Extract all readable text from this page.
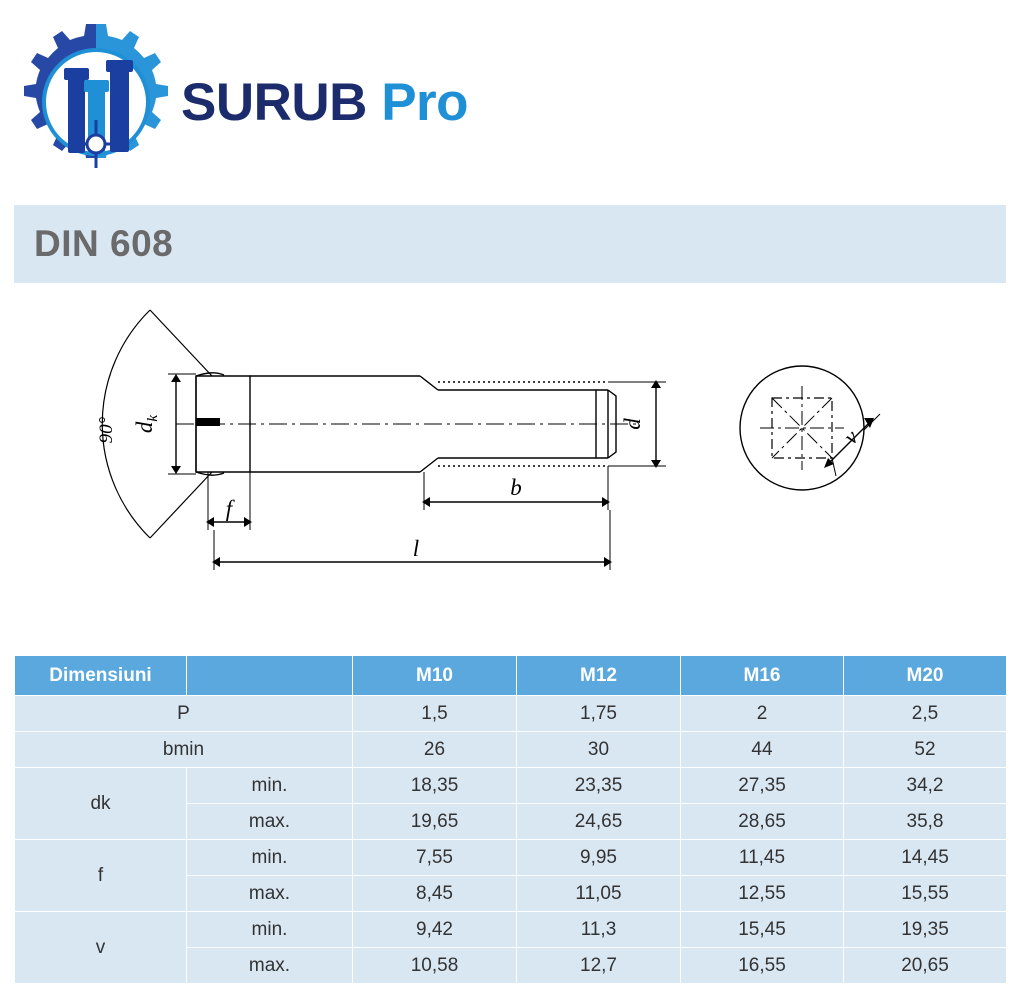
SURUB Pro
DIN 608
90° $d_k$	d
b
f
l
v
Dimensiuni		M10	M12	M16	M20
P		1,5	1,75	2	2,5
bmin		26	30	44	52
dk	min.	18,35	23,35	27,35	34,2
	max.	19,65	24,65	28,65	35,8
f	min.	7,55	9,95	11,45	14,45
	max.	8,45	11,05	12,55	15,55
v	min.	9,42	11,3	15,45	19,35
	max.	10,58	12,7	16,55	20,65
